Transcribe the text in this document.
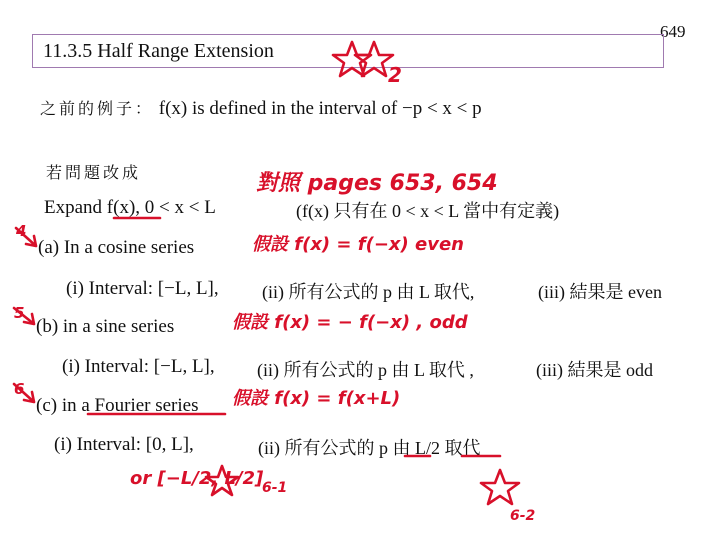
649
11.3.5 Half Range Extension
之前的例子： f(x) is defined in the interval of −p < x < p
若問題改成
Expand f(x), 0 < x < L	(f(x) 只有在 0 < x < L 當中有定義)
(a) In a cosine series
(i) Interval: [−L, L], (ii) 所有公式的 p 由 L 取代,	(iii) 結果是 even
(b) in a sine series
(i) Interval: [−L, L], (ii) 所有公式的 p 由 L 取代 ,	(iii) 結果是 odd
(c) in a Fourier series
(i) Interval: [0, L],	(ii) 所有公式的 p 由 L/2 取代
2
對照 pages 653, 654
假設 f(x) = f(−x) even
假設 f(x) = − f(−x) , odd
假設 f(x) = f(x+L)
or [−L/2, L/2]
4
5
6
6-1
6-2
